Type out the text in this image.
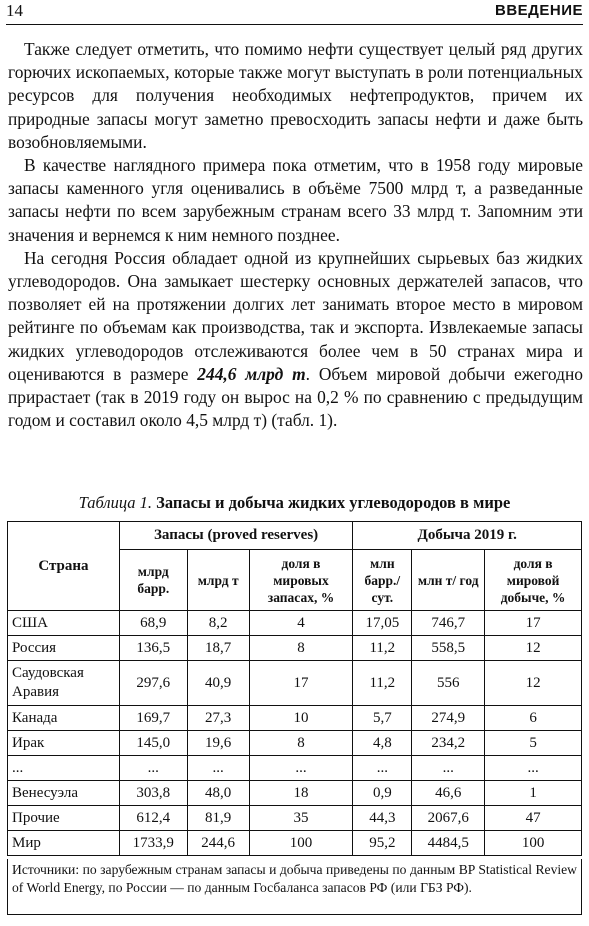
14	ВВЕДЕНИЕ

Также следует отметить, что помимо нефти существует целый ряд других горючих ископаемых, которые также могут выступать в роли потенциальных ресурсов для получения необходимых нефтепродуктов, причем их природные запасы могут заметно превосходить запасы нефти и даже быть возобновляемыми.

В качестве наглядного примера пока отметим, что в 1958 году мировые запасы каменного угля оценивались в объёме 7500 млрд т, а разведанные запасы нефти по всем зарубежным странам всего 33 млрд т. Запомним эти значения и вернемся к ним немного позднее.

На сегодня Россия обладает одной из крупнейших сырьевых баз жидких углеводородов. Она замыкает шестерку основных держателей запасов, что позволяет ей на протяжении долгих лет занимать второе место в мировом рейтинге по объемам как производства, так и экспорта. Извлекаемые запасы жидких углеводородов отслеживаются более чем в 50 странах мира и оцениваются в размере 244,6 млрд т. Объем мировой добычи ежегодно прирастает (так в 2019 году он вырос на 0,2 % по сравнению с предыдущим годом и составил около 4,5 млрд т) (табл. 1).

Таблица 1. Запасы и добыча жидких углеводородов в мире
Страна	Запасы (proved reserves)			Добыча 2019 г.		
	млрд барр.	млрд т	доля в мировых запасах, %	млн барр./ сут.	млн т/ год	доля в мировой добыче, %
США	68,9	8,2	4	17,05	746,7	17
Россия	136,5	18,7	8	11,2	558,5	12
Саудовская Аравия	297,6	40,9	17	11,2	556	12
Канада	169,7	27,3	10	5,7	274,9	6
Ирак	145,0	19,6	8	4,8	234,2	5
...	...	...	...	...	...	...
Венесуэла	303,8	48,0	18	0,9	46,6	1
Прочие	612,4	81,9	35	44,3	2067,6	47
Мир	1733,9	244,6	100	95,2	4484,5	100
Источники: по зарубежным странам запасы и добыча приведены по данным BP Statistical Review of World Energy, по России — по данным Госбаланса запасов РФ (или ГБЗ РФ).
